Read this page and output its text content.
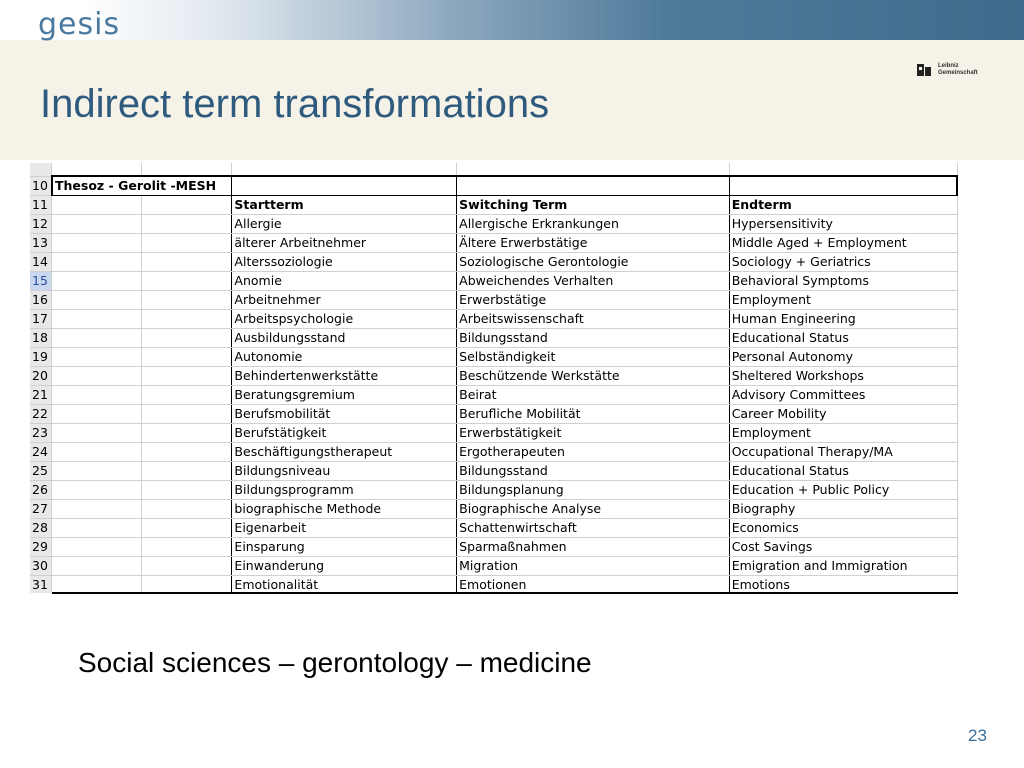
gesis
Leibniz
Gemeinschaft
Indirect term transformations

10	Thesoz - Gerolit -MESH				
11			Startterm	Switching Term	Endterm
12			Allergie	Allergische Erkrankungen	Hypersensitivity
13			älterer Arbeitnehmer	Ältere Erwerbstätige	Middle Aged + Employment
14			Alterssoziologie	Soziologische Gerontologie	Sociology + Geriatrics
15			Anomie	Abweichendes Verhalten	Behavioral Symptoms
16			Arbeitnehmer	Erwerbstätige	Employment
17			Arbeitspsychologie	Arbeitswissenschaft	Human Engineering
18			Ausbildungsstand	Bildungsstand	Educational Status
19			Autonomie	Selbständigkeit	Personal Autonomy
20			Behindertenwerkstätte	Beschützende Werkstätte	Sheltered Workshops
21			Beratungsgremium	Beirat	Advisory Committees
22			Berufsmobilität	Berufliche Mobilität	Career Mobility
23			Berufstätigkeit	Erwerbstätigkeit	Employment
24			Beschäftigungstherapeut	Ergotherapeuten	Occupational Therapy/MA
25			Bildungsniveau	Bildungsstand	Educational Status
26			Bildungsprogramm	Bildungsplanung	Education + Public Policy
27			biographische Methode	Biographische Analyse	Biography
28			Eigenarbeit	Schattenwirtschaft	Economics
29			Einsparung	Sparmaßnahmen	Cost Savings
30			Einwanderung	Migration	Emigration and Immigration
31			Emotionalität	Emotionen	Emotions
Social sciences – gerontology – medicine
23
